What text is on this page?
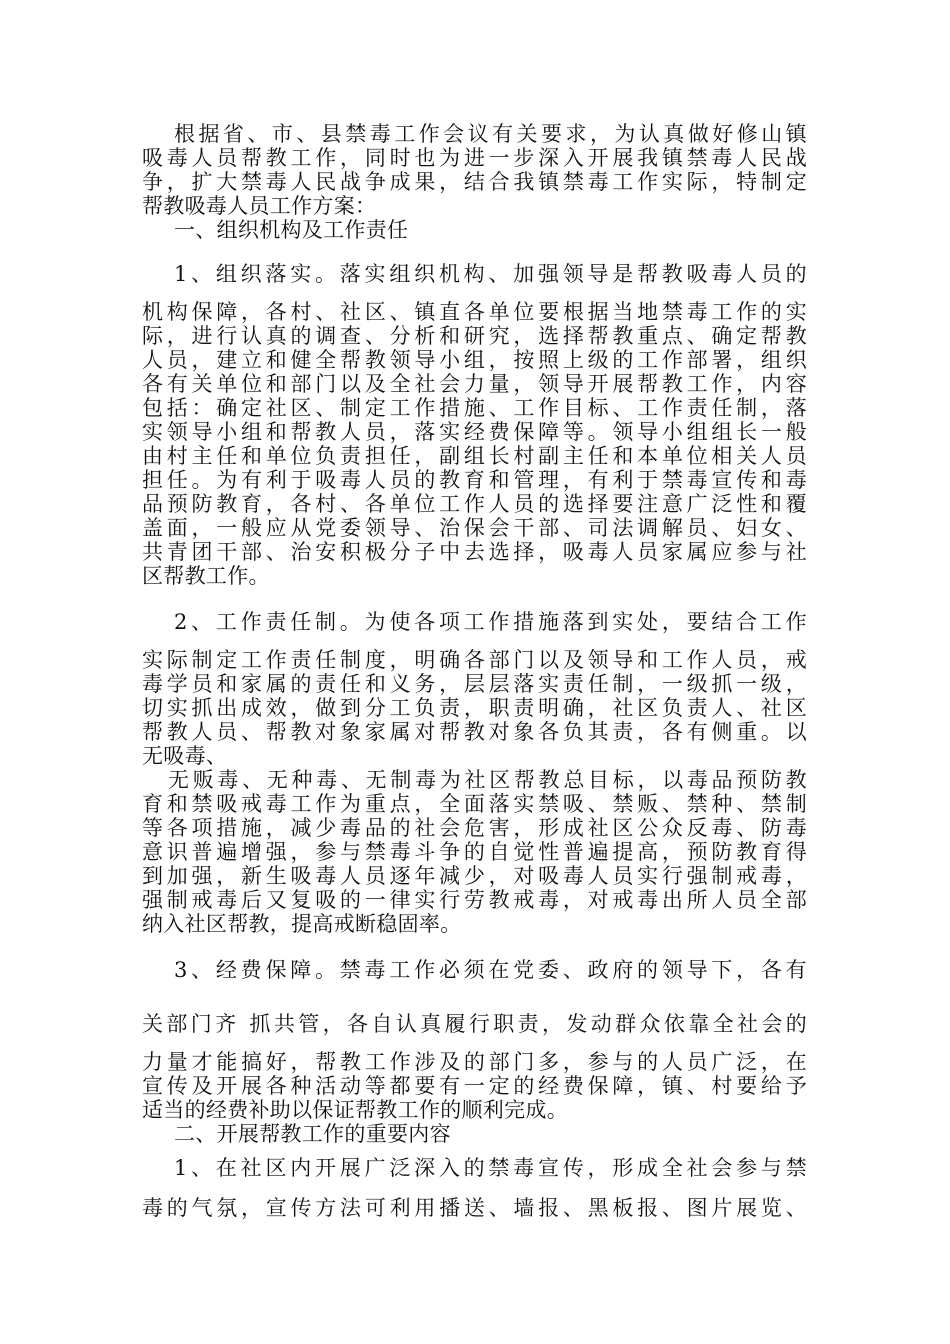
根据省、市、县禁毒工作会议有关要求，为认真做好修山镇
吸毒人员帮教工作，同时也为进一步深入开展我镇禁毒人民战
争，扩大禁毒人民战争成果，结合我镇禁毒工作实际，特制定
帮教吸毒人员工作方案：
一、组织机构及工作责任
1、组织落实。落实组织机构、加强领导是帮教吸毒人员的
机构保障，各村、社区、镇直各单位要根据当地禁毒工作的实
际，进行认真的调查、分析和研究，选择帮教重点、确定帮教
人员，建立和健全帮教领导小组，按照上级的工作部署，组织
各有关单位和部门以及全社会力量，领导开展帮教工作，内容
包括：确定社区、制定工作措施、工作目标、工作责任制，落
实领导小组和帮教人员，落实经费保障等。领导小组组长一般
由村主任和单位负责担任，副组长村副主任和本单位相关人员
担任。为有利于吸毒人员的教育和管理，有利于禁毒宣传和毒
品预防教育，各村、各单位工作人员的选择要注意广泛性和覆
盖面，一般应从党委领导、治保会干部、司法调解员、妇女、
共青团干部、治安积极分子中去选择，吸毒人员家属应参与社
区帮教工作。
2、工作责任制。为使各项工作措施落到实处，要结合工作
实际制定工作责任制度，明确各部门以及领导和工作人员，戒
毒学员和家属的责任和义务，层层落实责任制，一级抓一级，
切实抓出成效，做到分工负责，职责明确，社区负责人、社区
帮教人员、帮教对象家属对帮教对象各负其责，各有侧重。以
无吸毒、
无贩毒、无种毒、无制毒为社区帮教总目标，以毒品预防教
育和禁吸戒毒工作为重点，全面落实禁吸、禁贩、禁种、禁制
等各项措施，减少毒品的社会危害，形成社区公众反毒、防毒
意识普遍增强，参与禁毒斗争的自觉性普遍提高，预防教育得
到加强，新生吸毒人员逐年减少，对吸毒人员实行强制戒毒，
强制戒毒后又复吸的一律实行劳教戒毒，对戒毒出所人员全部
纳入社区帮教，提高戒断稳固率。
3、经费保障。禁毒工作必须在党委、政府的领导下，各有
关部门齐 抓共管，各自认真履行职责，发动群众依靠全社会的
力量才能搞好，帮教工作涉及的部门多，参与的人员广泛，在
宣传及开展各种活动等都要有一定的经费保障，镇、村要给予
适当的经费补助以保证帮教工作的顺利完成。
二、开展帮教工作的重要内容
1、在社区内开展广泛深入的禁毒宣传，形成全社会参与禁
毒的气氛，宣传方法可利用播送、墙报、黑板报、图片展览、
